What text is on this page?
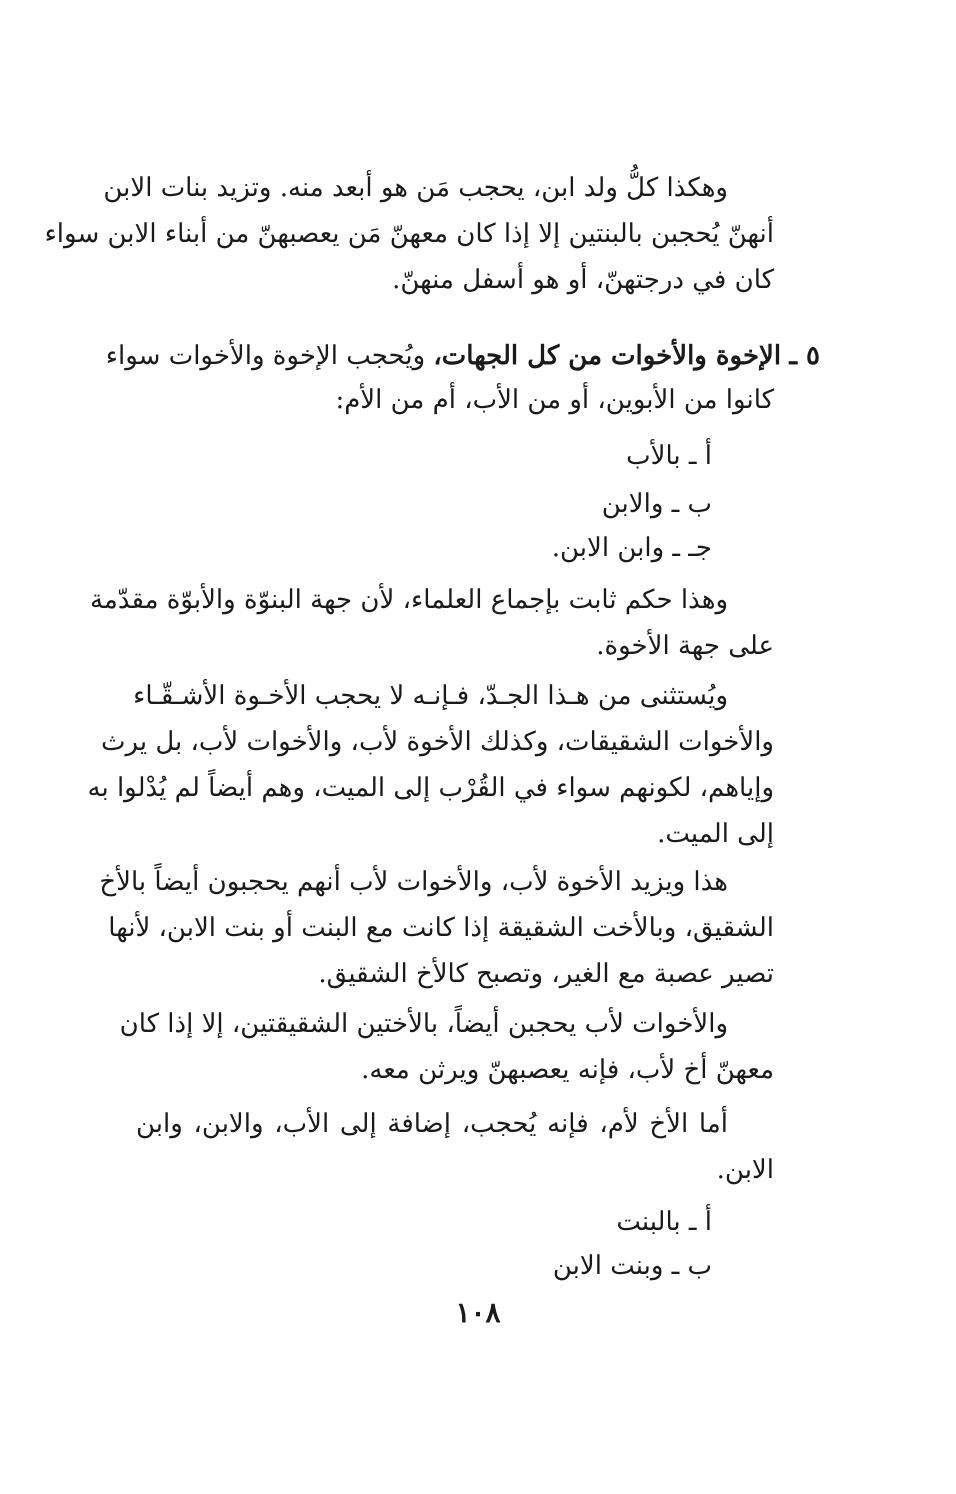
وهكذا كلُّ ولد ابن، يحجب مَن هو أبعد منه. وتزيد بنات الابن
أنهنّ يُحجبن بالبنتين إلا إذا كان معهنّ مَن يعصبهنّ من أبناء الابن سواء
كان في درجتهنّ، أو هو أسفل منهنّ.
٥ ـ الإخوة والأخوات من كل الجهات، ويُحجب الإخوة والأخوات سواء
كانوا من الأبوين، أو من الأب، أم من الأم:
أ ـ بالأب
ب ـ والابن
جـ ـ وابن الابن.
وهذا حكم ثابت بإجماع العلماء، لأن جهة البنوّة والأبوّة مقدّمة
على جهة الأخوة.
ويُستثنى من هـذا الجـدّ، فـإنـه لا يحجب الأخـوة الأشـقّـاء
والأخوات الشقيقات، وكذلك الأخوة لأب، والأخوات لأب، بل يرث
وإياهم، لكونهم سواء في القُرْب إلى الميت، وهم أيضاً لم يُدْلوا به
إلى الميت.
هذا ويزيد الأخوة لأب، والأخوات لأب أنهم يحجبون أيضاً بالأخ
الشقيق، وبالأخت الشقيقة إذا كانت مع البنت أو بنت الابن، لأنها
تصير عصبة مع الغير، وتصبح كالأخ الشقيق.
والأخوات لأب يحجبن أيضاً، بالأختين الشقيقتين، إلا إذا كان
معهنّ أخ لأب، فإنه يعصبهنّ ويرثن معه.
أما الأخ لأم، فإنه يُحجب، إضافة إلى الأب، والابن، وابن
الابن.
أ ـ بالبنت
ب ـ وبنت الابن
١٠٨
